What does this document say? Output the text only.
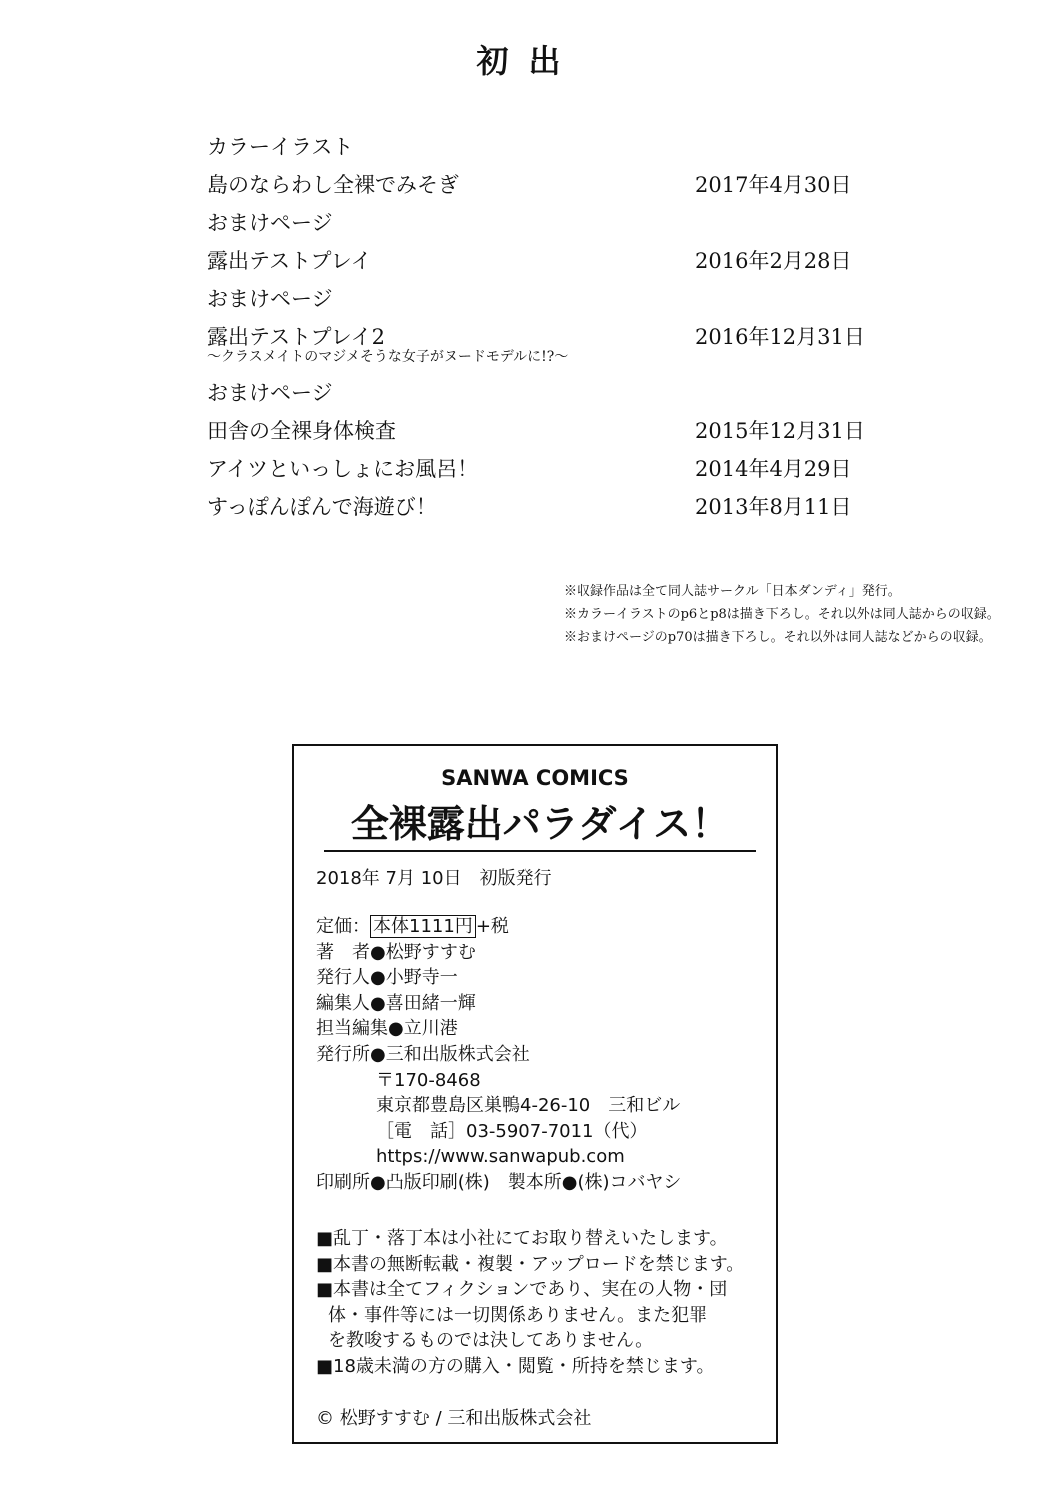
初出
カラーイラスト
島のならわし全裸でみそぎ	2017年4月30日
おまけページ
露出テストプレイ	2016年2月28日
おまけページ
露出テストプレイ2	2016年12月31日
〜クラスメイトのマジメそうな女子がヌードモデルに!?〜
おまけページ
田舎の全裸身体検査	2015年12月31日
アイツといっしょにお風呂！	2014年4月29日
すっぽんぽんで海遊び！	2013年8月11日
※収録作品は全て同人誌サークル「日本ダンディ」発行。
※カラーイラストのp6とp8は描き下ろし。それ以外は同人誌からの収録。
※おまけページのp70は描き下ろし。それ以外は同人誌などからの収録。
SANWA COMICS
全裸露出パラダイス！
2018年 7月 10日　初版発行
定価： 本体1111円 +税
著　者●松野すすむ
発行人●小野寺一
編集人●喜田緒一輝
担当編集●立川港
発行所●三和出版株式会社
〒170-8468
東京都豊島区巣鴨4-26-10　三和ビル
［電　話］03-5907-7011（代）
https://www.sanwapub.com
印刷所●凸版印刷(株)　製本所●(株)コバヤシ
■乱丁・落丁本は小社にてお取り替えいたします。
■本書の無断転載・複製・アップロードを禁じます。
■本書は全てフィクションであり、実在の人物・団
体・事件等には一切関係ありません。また犯罪
を教唆するものでは決してありません。
■18歳未満の方の購入・閲覧・所持を禁じます。
© 松野すすむ / 三和出版株式会社
